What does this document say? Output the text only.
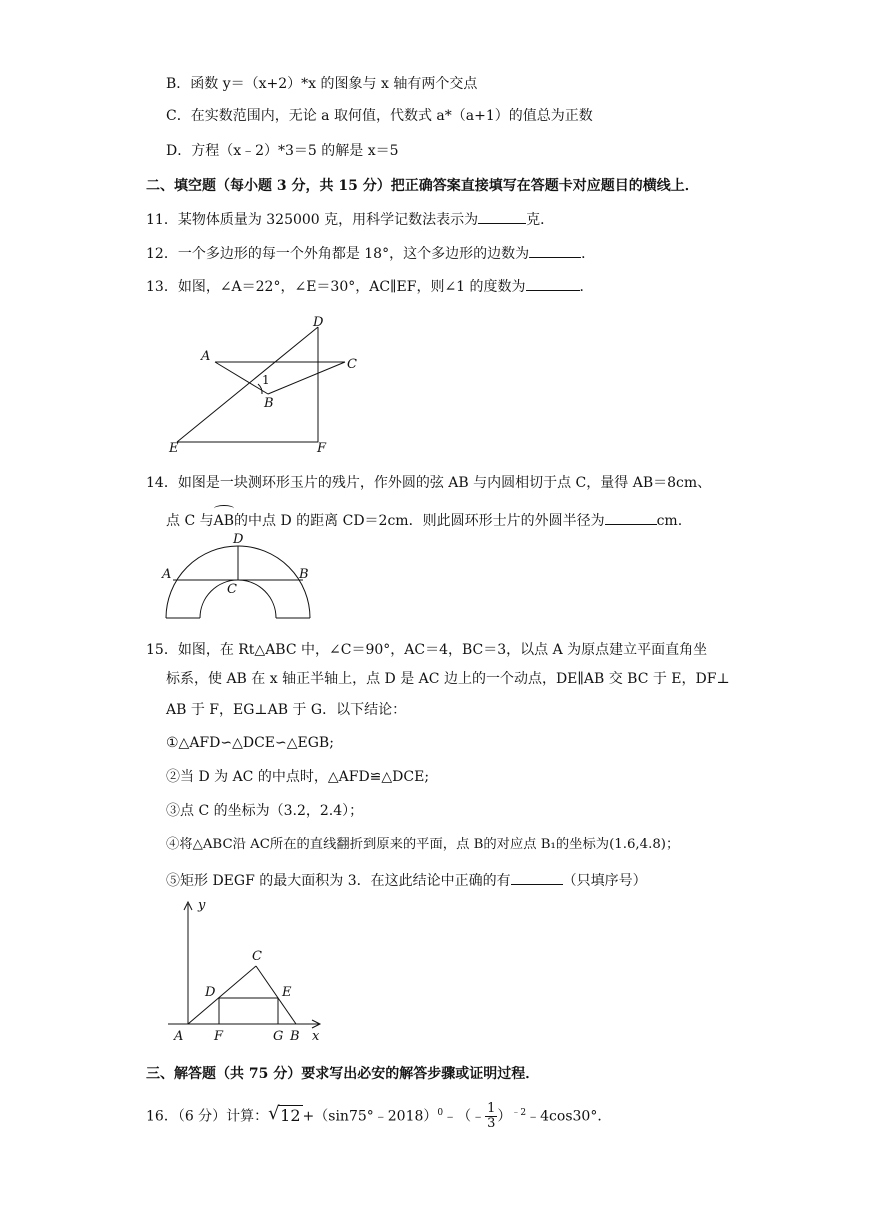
B．函数 y＝（x+2）*x 的图象与 x 轴有两个交点
C．在实数范围内，无论 a 取何值，代数式 a*（a+1）的值总为正数
D．方程（x﹣2）*3＝5 的解是 x＝5
二、填空题（每小题 3 分，共 15 分）把正确答案直接填写在答题卡对应题目的横线上．
11．某物体质量为 325000 克，用科学记数法表示为	克．
12．一个多边形的每一个外角都是 18°，这个多边形的边数为	．
13．如图，∠A＝22°，∠E＝30°，AC∥EF，则∠1 的度数为	．
D
A
C
1
B
E	F
14．如图是一块测环形玉片的残片，作外圆的弦 AB 与内圆相切于点 C，量得 AB＝8cm、
点 C 与
AB的中点 D 的距离 CD＝2cm．则此圆环形士片的外圆半径为	cm.
D
A	B
C
15．如图，在 Rt△ABC 中，∠C＝90°，AC＝4，BC＝3，以点 A 为原点建立平面直角坐
标系，使 AB 在 x 轴正半轴上，点 D 是 AC 边上的一个动点，DE∥AB 交 BC 于 E，DF⊥
AB 于 F，EG⊥AB 于 G．以下结论：
①△AFD∽△DCE∽△EGB;
②当 D 为 AC 的中点时，△AFD≌△DCE;
③点 C 的坐标为（3.2，2.4）；
④将△ABC沿 AC所在的直线翻折到原来的平面，点 B的对应点 B₁的坐标为(1.6,4.8)；
⑤矩形 DEGF 的最大面积为 3．在这此结论中正确的有	（只填序号）
y
C
D	E
A F	G B x
三、解答题（共 75 分）要求写出必安的解答步骤或证明过程．
16．（6 分）计算： √ 12 +（sin75°﹣2018）$^0$﹣（﹣ $\frac{1}{3}$ ）$^{﹣2}$﹣4cos30°．
